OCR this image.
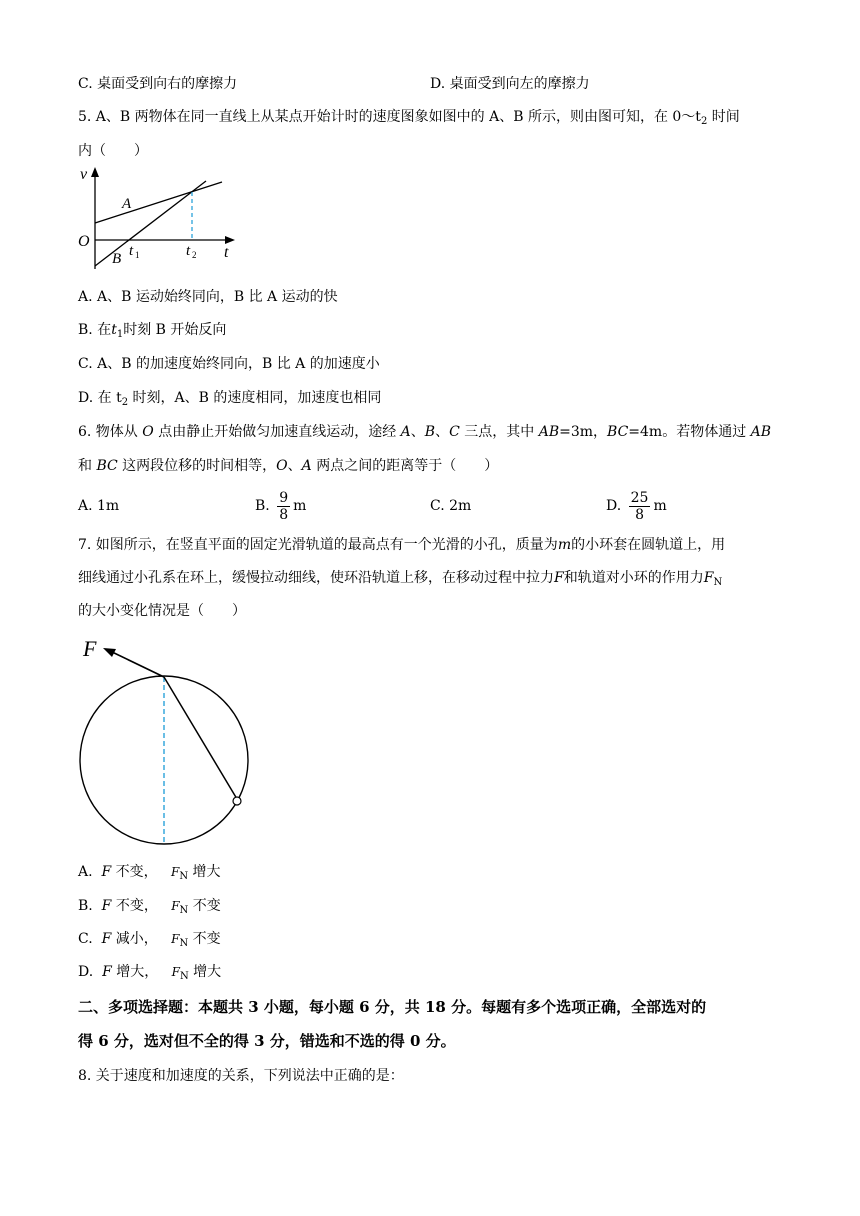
C. 桌面受到向右的摩擦力	D. 桌面受到向左的摩擦力
5. A、B 两物体在同一直线上从某点开始计时的速度图象如图中的 A、B 所示，则由图可知，在 $0\sim t_2$ 时间
内（　　）
v
O
A
B t 1	t 2 t
A. A、B 运动始终同向，B 比 A 运动的快
B. 在$t_1$时刻 B 开始反向
C. A、B 的加速度始终同向，B 比 A 的加速度小
D. 在 $t_2$ 时刻，A、B 的速度相同，加速度也相同
6. 物体从 O 点由静止开始做匀加速直线运动，途经 A、B、C 三点，其中 AB=3m，BC=4m。若物体通过 AB
和 BC 这两段位移的时间相等，O、A 两点之间的距离等于（　　）
A. 1m	B. $\frac{9}{8}$ m	C. 2m	D. $\frac{25}{8}$ m
7. 如图所示，在竖直平面的固定光滑轨道的最高点有一个光滑的小孔，质量为m的小环套在圆轨道上，用
细线通过小孔系在环上，缓慢拉动细线，使环沿轨道上移，在移动过程中拉力F和轨道对小环的作用力$F_N$
的大小变化情况是（　　）
F
A. F 不变， $F_N$ 增大
B. F 不变， $F_N$ 不变
C. F 减小， $F_N$ 不变
D. F 增大， $F_N$ 增大
二、多项选择题：本题共 3 小题，每小题 6 分，共 18 分。每题有多个选项正确，全部选对的
得 6 分，选对但不全的得 3 分，错选和不选的得 0 分。
8. 关于速度和加速度的关系，下列说法中正确的是：
